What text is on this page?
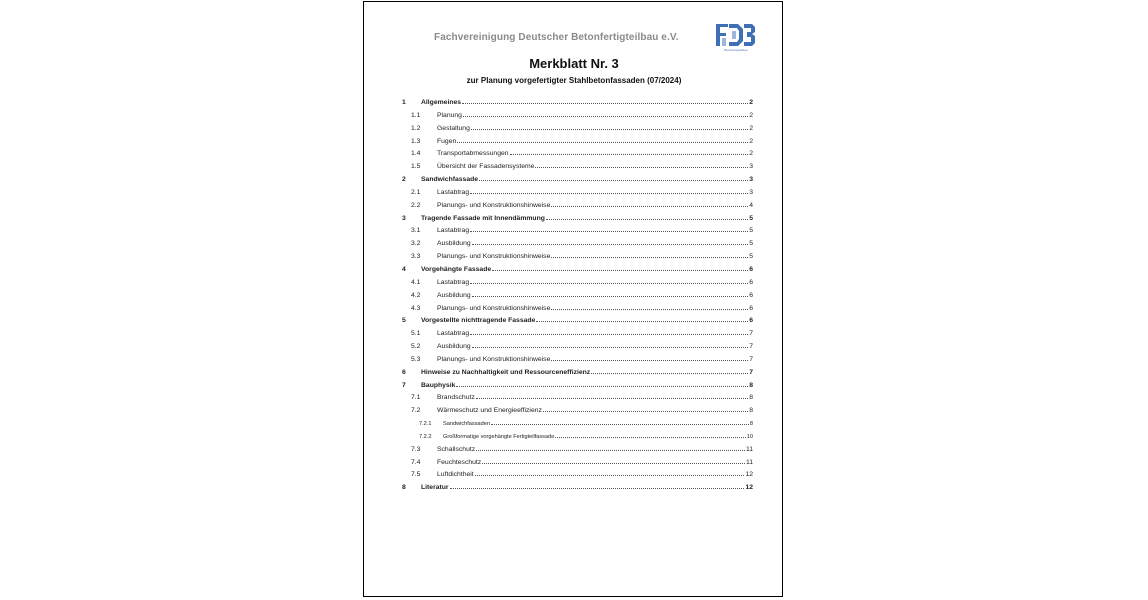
Fachvereinigung Deutscher Betonfertigteilbau e.V.
Betonfertigteilbau
Merkblatt Nr. 3
zur Planung vorgefertigter Stahlbetonfassaden (07/2024)
1	Allgemeines	2
1.1	Planung	2
1.2	Gestaltung	2
1.3	Fugen	2
1.4	Transportabmessungen	2
1.5	Übersicht der Fassadensysteme	3
2	Sandwichfassade	3
2.1	Lastabtrag	3
2.2	Planungs- und Konstruktionshinweise	4
3	Tragende Fassade mit Innendämmung	5
3.1	Lastabtrag	5
3.2	Ausbildung	5
3.3	Planungs- und Konstruktionshinweise	5
4	Vorgehängte Fassade	6
4.1	Lastabtrag	6
4.2	Ausbildung	6
4.3	Planungs- und Konstruktionshinweise	6
5	Vorgestellte nichttragende Fassade	6
5.1	Lastabtrag	7
5.2	Ausbildung	7
5.3	Planungs- und Konstruktionshinweise	7
6	Hinweise zu Nachhaltigkeit und Ressourceneffizienz	7
7	Bauphysik	8
7.1	Brandschutz	8
7.2	Wärmeschutz und Energieeffizienz	8
7.2.1	Sandwichfassaden	8
7.2.2	Großformatige vorgehängte Fertigteilfassade	10
7.3	Schallschutz	11
7.4	Feuchteschutz	11
7.5	Luftdichtheit	12
8	Literatur	12
